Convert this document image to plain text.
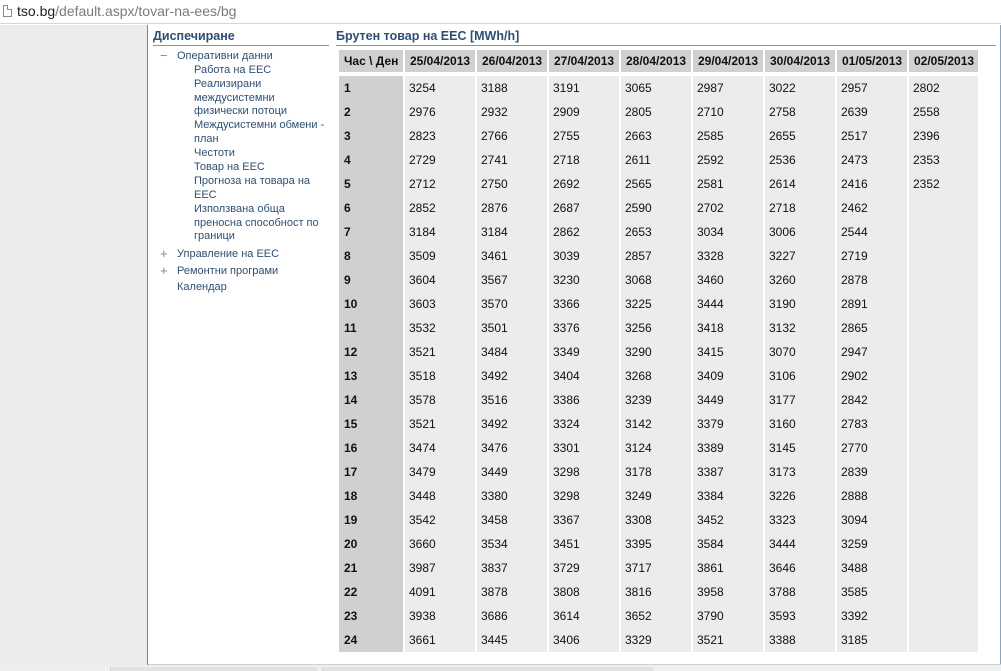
tso.bg/default.aspx/tovar-na-ees/bg
Диспечиране
− Оперативни данни
Работа на ЕЕС
Реализирани междусистемни физически потоци
Междусистемни обмени - план
Честоти
Товар на ЕЕС
Прогноза на товара на ЕЕС
Използвана обща преносна способност по граници
+ Управление на ЕЕС
+ Ремонтни програми
Календар
Брутен товар на ЕЕС [MWh/h]
Час \ Ден	25/04/2013	26/04/2013	27/04/2013	28/04/2013	29/04/2013	30/04/2013	01/05/2013	02/05/2013

1	3254	3188	3191	3065	2987	3022	2957	2802
2	2976	2932	2909	2805	2710	2758	2639	2558
3	2823	2766	2755	2663	2585	2655	2517	2396
4	2729	2741	2718	2611	2592	2536	2473	2353
5	2712	2750	2692	2565	2581	2614	2416	2352
6	2852	2876	2687	2590	2702	2718	2462	
7	3184	3184	2862	2653	3034	3006	2544	
8	3509	3461	3039	2857	3328	3227	2719	
9	3604	3567	3230	3068	3460	3260	2878	
10	3603	3570	3366	3225	3444	3190	2891	
11	3532	3501	3376	3256	3418	3132	2865	
12	3521	3484	3349	3290	3415	3070	2947	
13	3518	3492	3404	3268	3409	3106	2902	
14	3578	3516	3386	3239	3449	3177	2842	
15	3521	3492	3324	3142	3379	3160	2783	
16	3474	3476	3301	3124	3389	3145	2770	
17	3479	3449	3298	3178	3387	3173	2839	
18	3448	3380	3298	3249	3384	3226	2888	
19	3542	3458	3367	3308	3452	3323	3094	
20	3660	3534	3451	3395	3584	3444	3259	
21	3987	3837	3729	3717	3861	3646	3488	
22	4091	3878	3808	3816	3958	3788	3585	
23	3938	3686	3614	3652	3790	3593	3392	
24	3661	3445	3406	3329	3521	3388	3185	
